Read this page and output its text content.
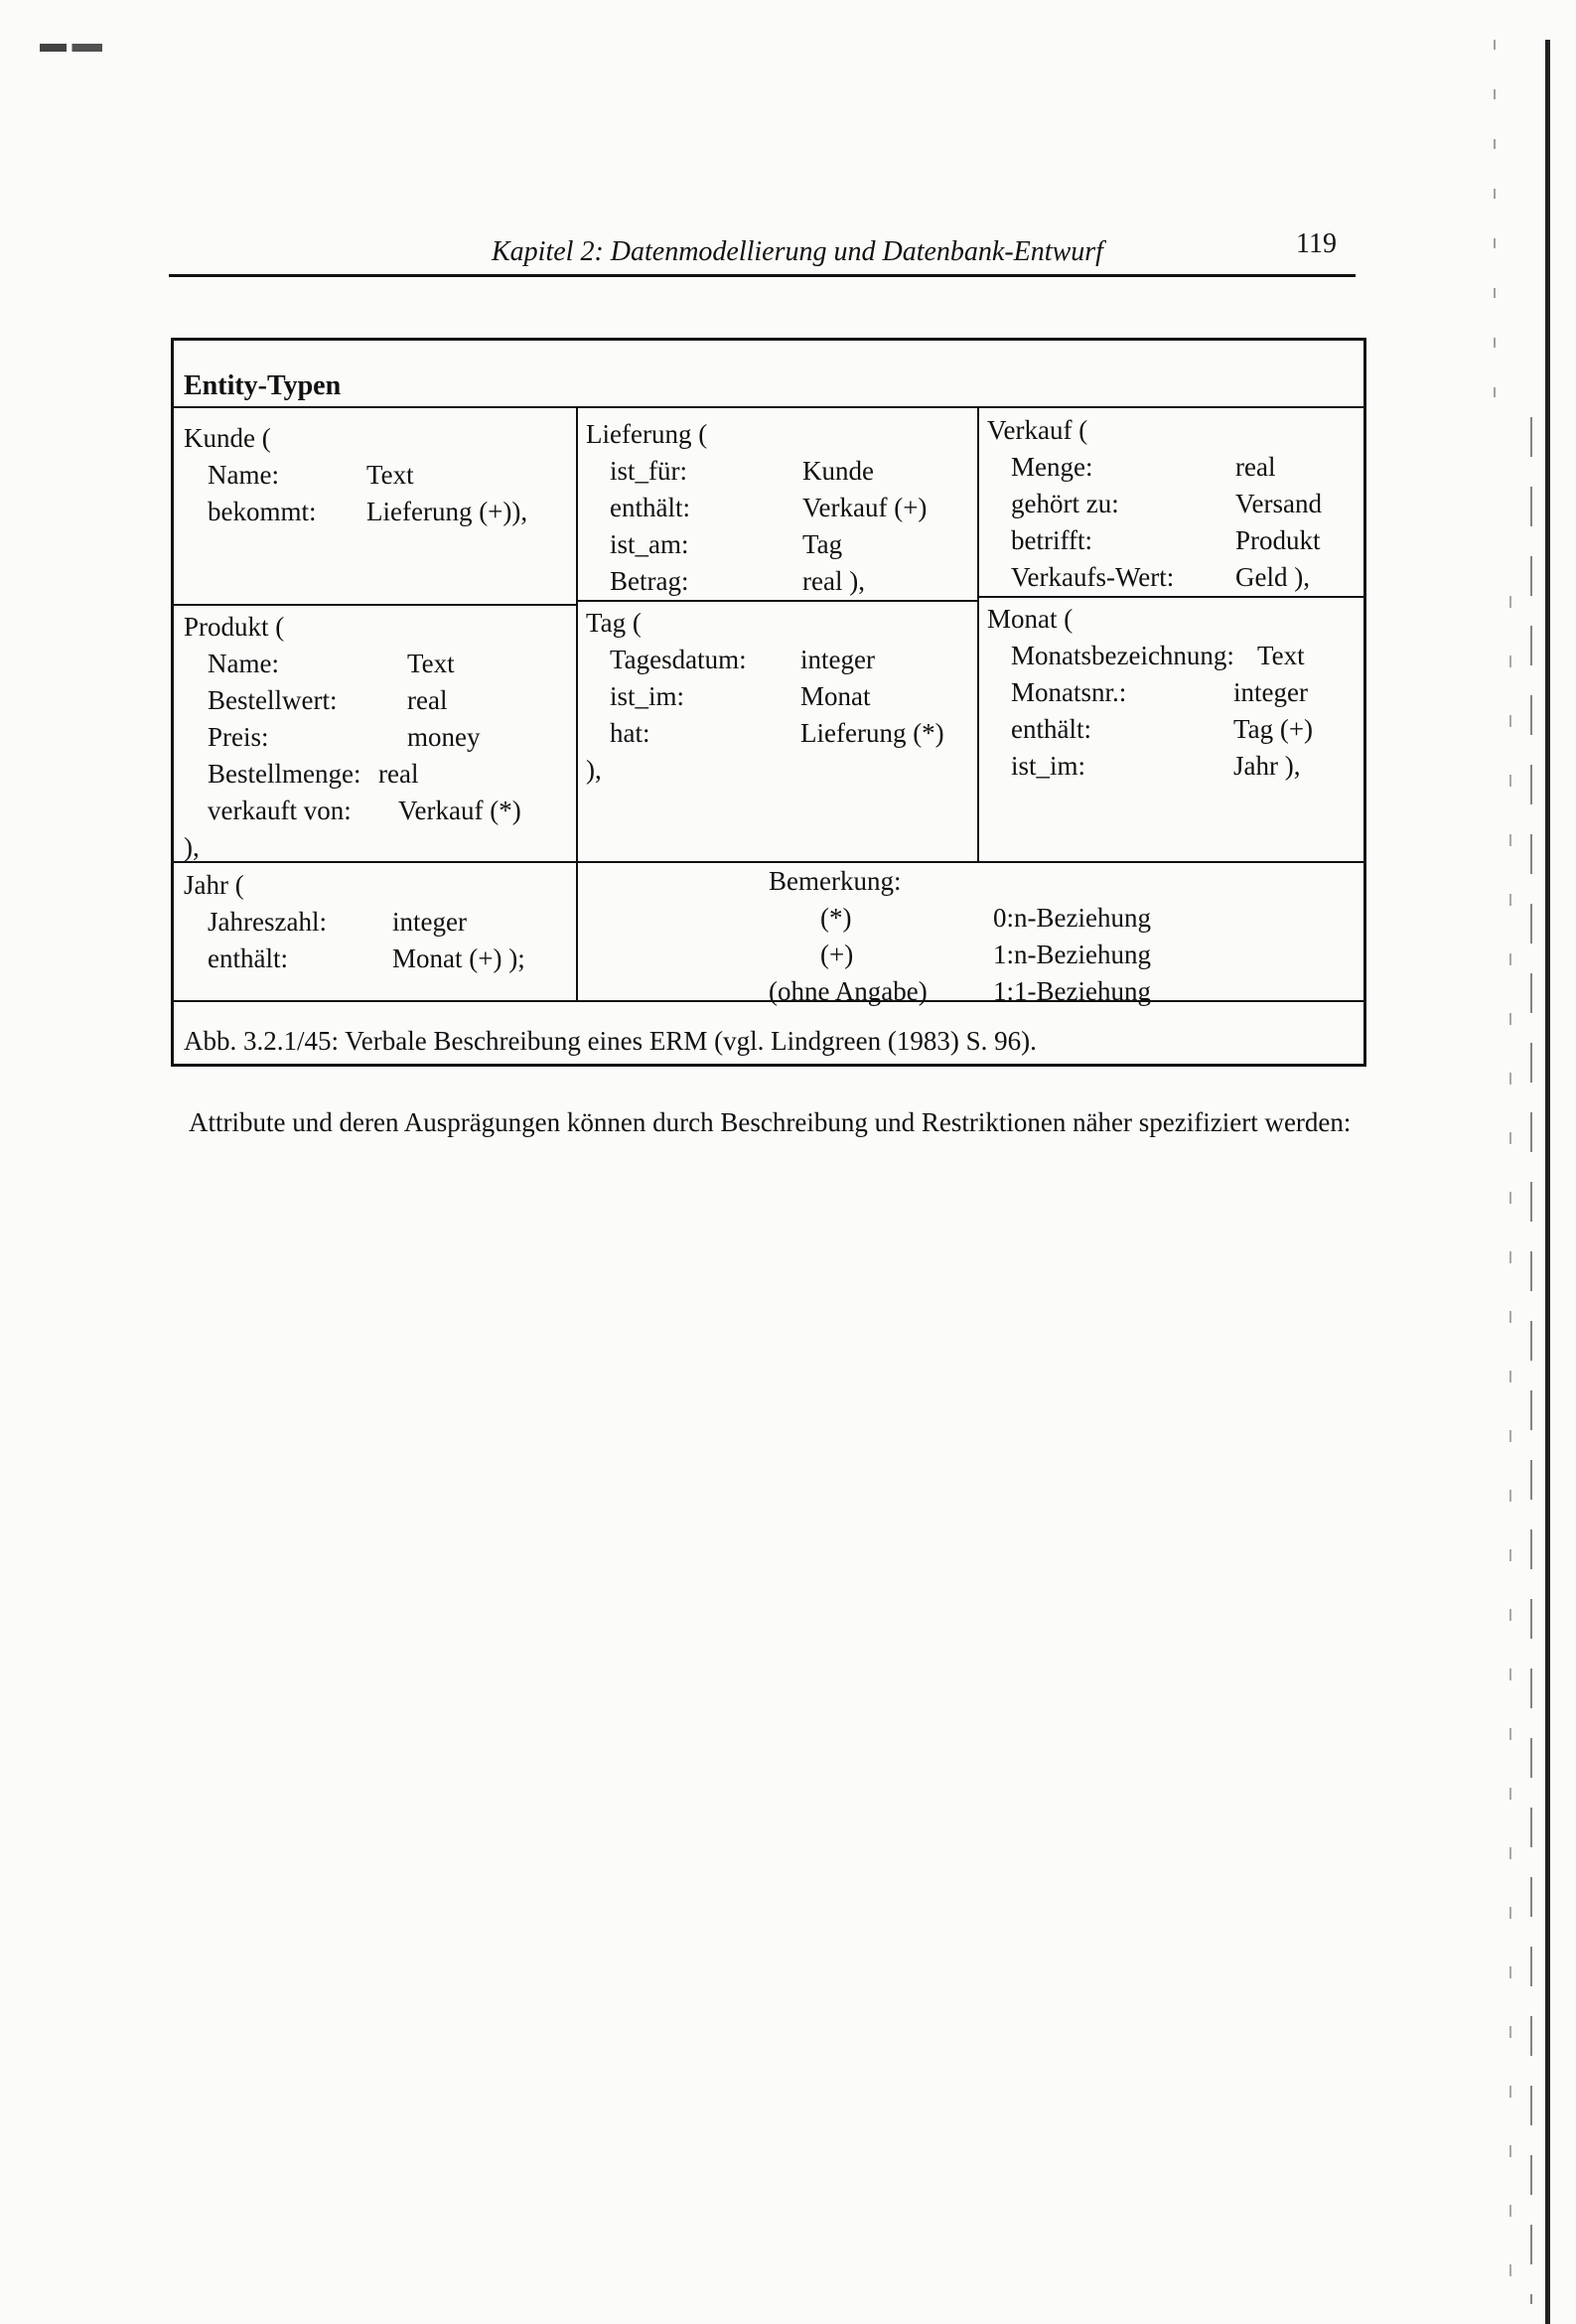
Kapitel 2: Datenmodellierung und Datenbank-Entwurf	119
Entity-Typen
Kunde (
Name:	Text
bekommt: Lieferung (+)),
Lieferung (
ist_für:	Kunde
enthält:	Verkauf (+)
ist_am:	Tag
Betrag:	real ),
Verkauf (
Menge:	real
gehört zu:	Versand
betrifft:	Produkt
Verkaufs-Wert: Geld ),
Produkt (
Name:	Text
Bestellwert:	real
Preis:	money
Bestellmenge: real
verkauft von: Verkauf (*)
),
Tag (
Tagesdatum: integer
ist_im:	Monat
hat:	Lieferung (*)
),
Monat (
Monatsbezeichnung: Text
Monatsnr.:	integer
enthält:	Tag (+)
ist_im:	Jahr ),
Jahr (
Jahreszahl: integer
enthält:	Monat (+) );
Bemerkung:
(*)	0:n-Beziehung
(+)	1:n-Beziehung
(ohne Angabe) 1:1-Beziehung
Abb. 3.2.1/45: Verbale Beschreibung eines ERM (vgl. Lindgreen (1983) S. 96).
Attribute und deren Ausprägungen können durch Beschreibung und Restriktionen näher spezifiziert werden:
